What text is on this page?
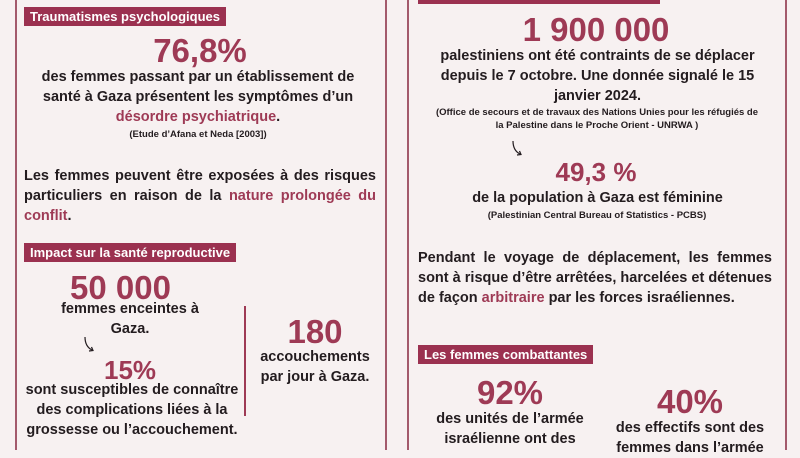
Traumatismes psychologiques
76,8%

des femmes passant par un établissement de santé à Gaza présentent les symptômes d’un désordre psychiatrique.

(Etude d’Afana et Neda [2003])

Les femmes peuvent être exposées à des risques particuliers en raison de la nature prolongée du conflit.

Impact sur la santé reproductive
50 000

femmes enceintes à Gaza.

15%

sont susceptibles de connaître des complications liées à la grossesse ou l’accouchement.

180

accouchements par jour à Gaza.

1 900 000

palestiniens ont été contraints de se déplacer depuis le 7 octobre. Une donnée signalé le 15 janvier 2024.

(Office de secours et de travaux des Nations Unies pour les réfugiés de la Palestine dans le Proche Orient - UNRWA )

49,3 %

de la population à Gaza est féminine

(Palestinian Central Bureau of Statistics - PCBS)

Pendant le voyage de déplacement, les femmes sont à risque d’être arrêtées, harcelées et détenues de façon arbitraire par les forces israéliennes.

Les femmes combattantes
92%

des unités de l’armée israélienne ont des

40%

des effectifs sont des femmes dans l’armée
